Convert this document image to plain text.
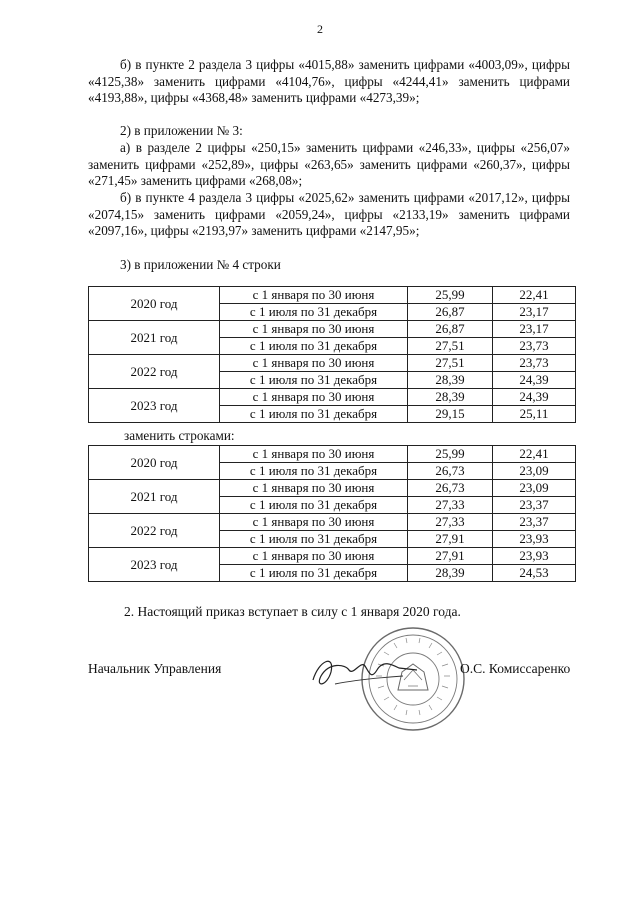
2

б) в пункте 2 раздела 3 цифры «4015,88» заменить цифрами «4003,09», цифры «4125,38» заменить цифрами «4104,76», цифры «4244,41» заменить цифрами «4193,88», цифры «4368,48» заменить цифрами «4273,39»;

2) в приложении № 3:

а) в разделе 2 цифры «250,15» заменить цифрами «246,33», цифры «256,07» заменить цифрами «252,89», цифры «263,65» заменить цифрами «260,37», цифры «271,45» заменить цифрами «268,08»;

б) в пункте 4 раздела 3 цифры «2025,62» заменить цифрами «2017,12», цифры «2074,15» заменить цифрами «2059,24», цифры «2133,19» заменить цифрами «2097,16», цифры «2193,97» заменить цифрами «2147,95»;

3) в приложении № 4 строки

2020 год	с 1 января по 30 июня	25,99	22,41
	с 1 июля по 31 декабря	26,87	23,17
2021 год	с 1 января по 30 июня	26,87	23,17
	с 1 июля по 31 декабря	27,51	23,73
2022 год	с 1 января по 30 июня	27,51	23,73
	с 1 июля по 31 декабря	28,39	24,39
2023 год	с 1 января по 30 июня	28,39	24,39
	с 1 июля по 31 декабря	29,15	25,11
заменить строками:
2020 год	с 1 января по 30 июня	25,99	22,41
	с 1 июля по 31 декабря	26,73	23,09
2021 год	с 1 января по 30 июня	26,73	23,09
	с 1 июля по 31 декабря	27,33	23,37
2022 год	с 1 января по 30 июня	27,33	23,37
	с 1 июля по 31 декабря	27,91	23,93
2023 год	с 1 января по 30 июня	27,91	23,93
	с 1 июля по 31 декабря	28,39	24,53
2. Настоящий приказ вступает в силу с 1 января 2020 года.
Начальник Управления	О.С. Комиссаренко
